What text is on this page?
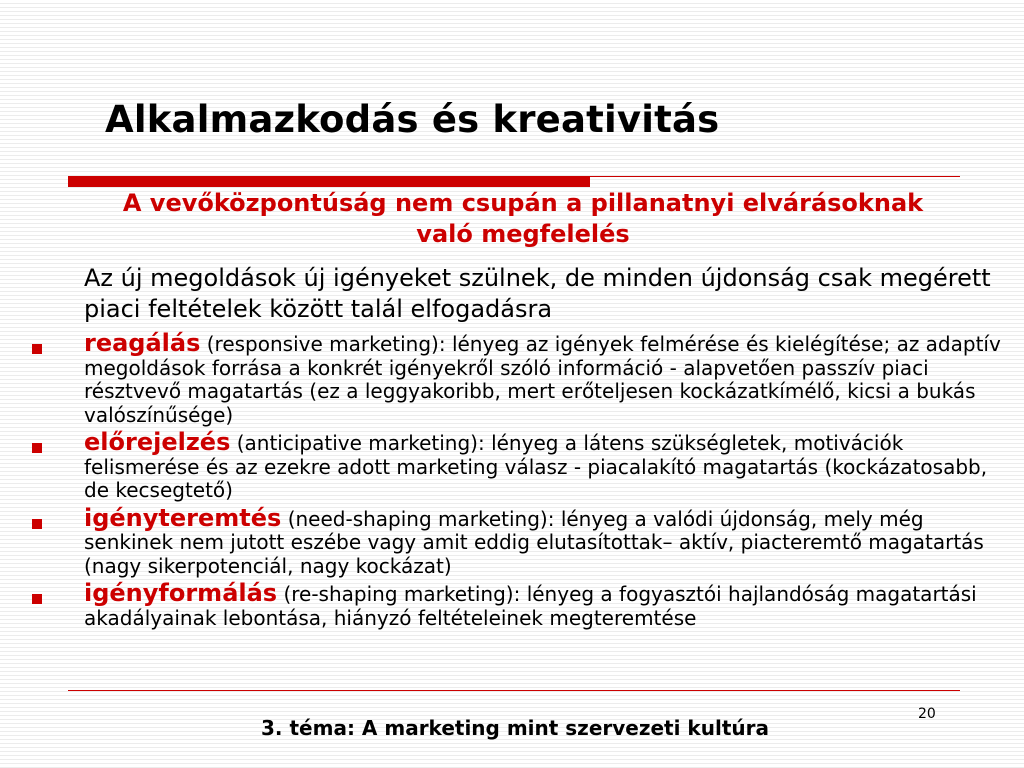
Alkalmazkodás és kreativitás

A vevőközpontúság nem csupán a pillanatnyi elvárásoknak való megfelelés

Az új megoldások új igényeket szülnek, de minden újdonság csak megérett piaci feltételek között talál elfogadásra

reagálás (responsive marketing): lényeg az igények felmérése és kielégítése; az adaptív megoldások forrása a konkrét igényekről szóló információ - alapvetően passzív piaci résztvevő magatartás (ez a leggyakoribb, mert erőteljesen kockázatkímélő, kicsi a bukás valószínűsége)
előrejelzés (anticipative marketing): lényeg a látens szükségletek, motivációk felismerése és az ezekre adott marketing válasz - piacalakító magatartás (kockázatosabb, de kecsegtető)
igényteremtés (need-shaping marketing): lényeg a valódi újdonság, mely még senkinek nem jutott eszébe vagy amit eddig elutasítottak– aktív, piacteremtő magatartás (nagy sikerpotenciál, nagy kockázat)
igényformálás (re-shaping marketing): lényeg a fogyasztói hajlandóság magatartási akadályainak lebontása, hiányzó feltételeinek megteremtése

3. téma: A marketing mint szervezeti kultúra

20
